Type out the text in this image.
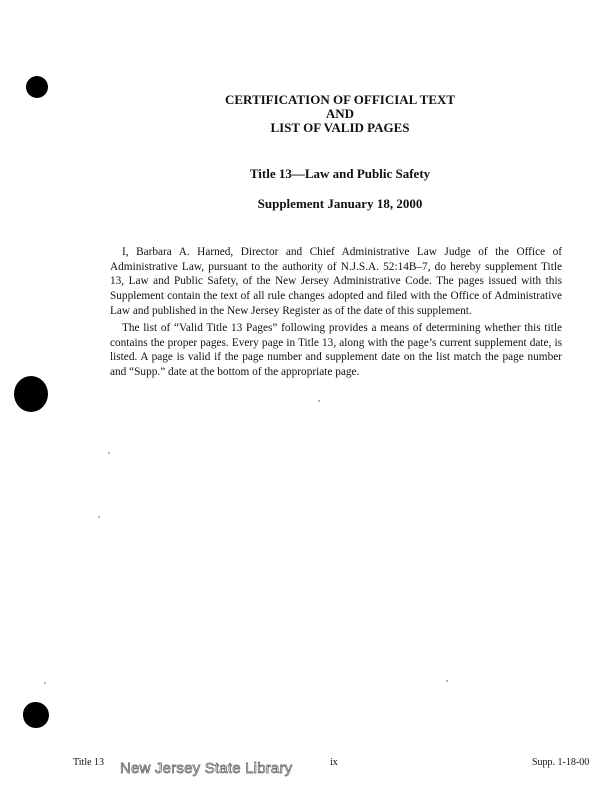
CERTIFICATION OF OFFICIAL TEXT
AND
LIST OF VALID PAGES
Title 13—Law and Public Safety
Supplement January 18, 2000

I, Barbara A. Harned, Director and Chief Administrative Law Judge of the Office of Administrative Law, pursuant to the authority of N.J.S.A. 52:14B–7, do hereby supplement Title 13, Law and Public Safety, of the New Jersey Administrative Code. The pages issued with this Supplement contain the text of all rule changes adopted and filed with the Office of Administrative Law and published in the New Jersey Register as of the date of this supplement.

The list of “Valid Title 13 Pages” following provides a means of determining whether this title contains the proper pages. Every page in Title 13, along with the page’s current supplement date, is listed. A page is valid if the page number and supplement date on the list match the page number and “Supp.” date at the bottom of the appropriate page.

Title 13	ix	Supp. 1-18-00
New Jersey State Library
